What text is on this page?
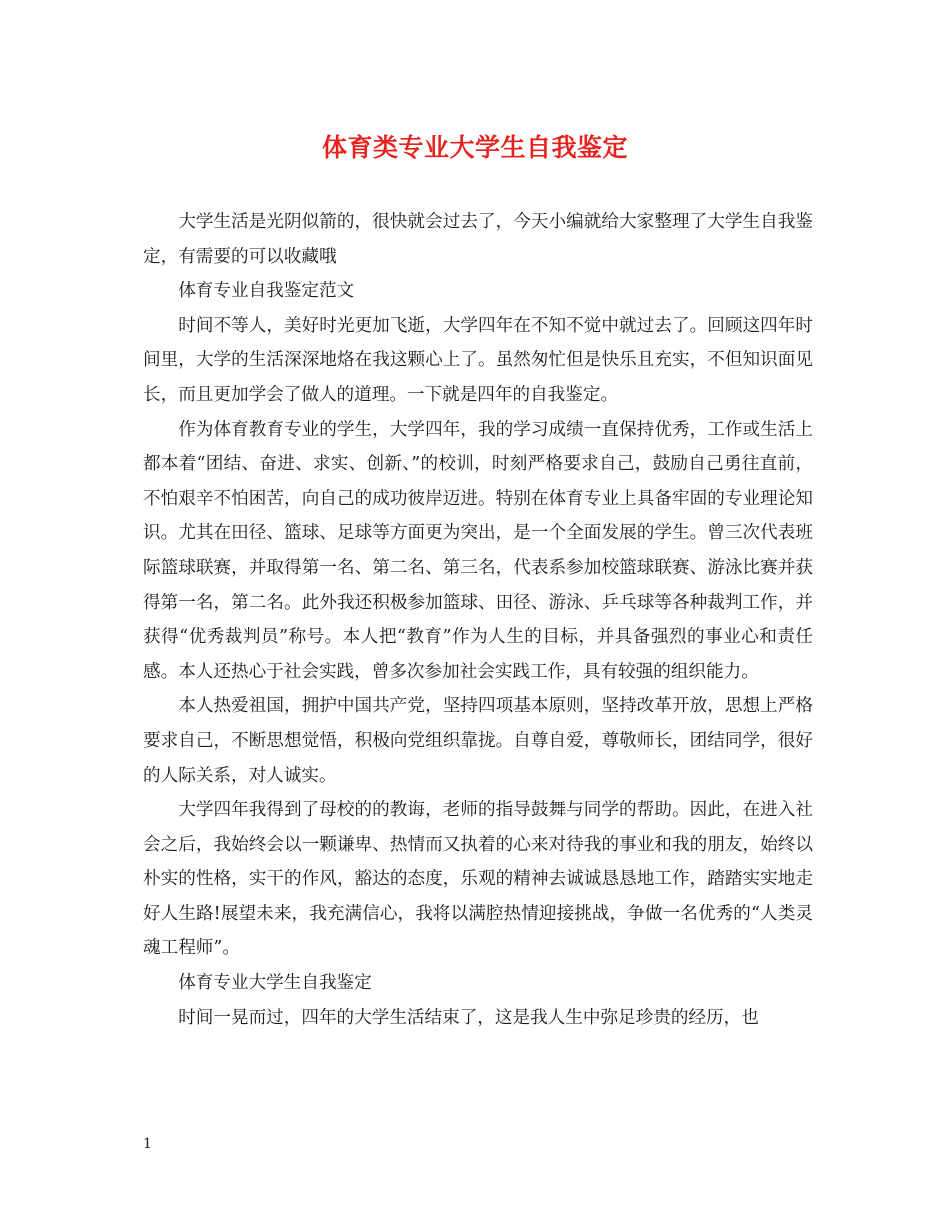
体育类专业大学生自我鉴定

大学生活是光阴似箭的，很快就会过去了，今天小编就给大家整理了大学生自我鉴定，有需要的可以收藏哦

体育专业自我鉴定范文

时间不等人，美好时光更加飞逝，大学四年在不知不觉中就过去了。回顾这四年时间里，大学的生活深深地烙在我这颗心上了。虽然匆忙但是快乐且充实，不但知识面见长，而且更加学会了做人的道理。一下就是四年的自我鉴定。

作为体育教育专业的学生，大学四年，我的学习成绩一直保持优秀，工作或生活上都本着“团结、奋进、求实、创新、”的校训，时刻严格要求自己，鼓励自己勇往直前，不怕艰辛不怕困苦，向自己的成功彼岸迈进。特别在体育专业上具备牢固的专业理论知识。尤其在田径、篮球、足球等方面更为突出，是一个全面发展的学生。曾三次代表班际篮球联赛，并取得第一名、第二名、第三名，代表系参加校篮球联赛、游泳比赛并获得第一名，第二名。此外我还积极参加篮球、田径、游泳、乒乓球等各种裁判工作，并获得“优秀裁判员”称号。本人把“教育”作为人生的目标，并具备强烈的事业心和责任感。本人还热心于社会实践，曾多次参加社会实践工作，具有较强的组织能力。

本人热爱祖国，拥护中国共产党，坚持四项基本原则，坚持改革开放，思想上严格要求自己，不断思想觉悟，积极向党组织靠拢。自尊自爱，尊敬师长，团结同学，很好的人际关系，对人诚实。

大学四年我得到了母校的的教诲，老师的指导鼓舞与同学的帮助。因此，在进入社会之后，我始终会以一颗谦卑、热情而又执着的心来对待我的事业和我的朋友，始终以朴实的性格，实干的作风，豁达的态度，乐观的精神去诚诚恳恳地工作，踏踏实实地走好人生路!展望未来，我充满信心，我将以满腔热情迎接挑战，争做一名优秀的“人类灵魂工程师”。

体育专业大学生自我鉴定

时间一晃而过，四年的大学生活结束了，这是我人生中弥足珍贵的经历，也

1
